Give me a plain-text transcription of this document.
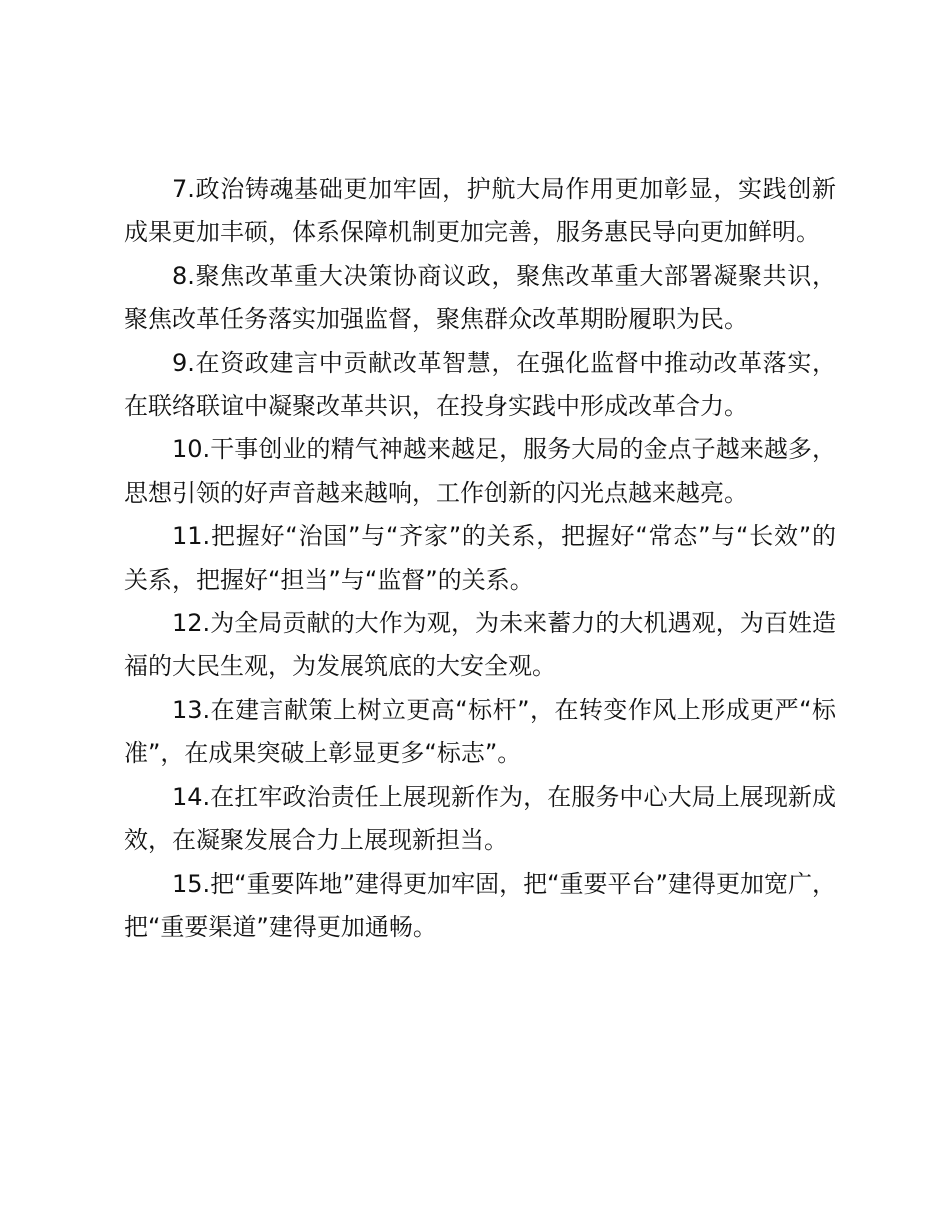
7.政治铸魂基础更加牢固，护航大局作用更加彰显，实践创新成果更加丰硕，体系保障机制更加完善，服务惠民导向更加鲜明。

8.聚焦改革重大决策协商议政，聚焦改革重大部署凝聚共识，聚焦改革任务落实加强监督，聚焦群众改革期盼履职为民。

9.在资政建言中贡献改革智慧，在强化监督中推动改革落实，在联络联谊中凝聚改革共识，在投身实践中形成改革合力。

10.干事创业的精气神越来越足，服务大局的金点子越来越多，思想引领的好声音越来越响，工作创新的闪光点越来越亮。

11.把握好“治国”与“齐家”的关系，把握好“常态”与“长效”的关系，把握好“担当”与“监督”的关系。

12.为全局贡献的大作为观，为未来蓄力的大机遇观，为百姓造福的大民生观，为发展筑底的大安全观。

13.在建言献策上树立更高“标杆”，在转变作风上形成更严“标准”，在成果突破上彰显更多“标志”。

14.在扛牢政治责任上展现新作为，在服务中心大局上展现新成效，在凝聚发展合力上展现新担当。

15.把“重要阵地”建得更加牢固，把“重要平台”建得更加宽广，把“重要渠道”建得更加通畅。
